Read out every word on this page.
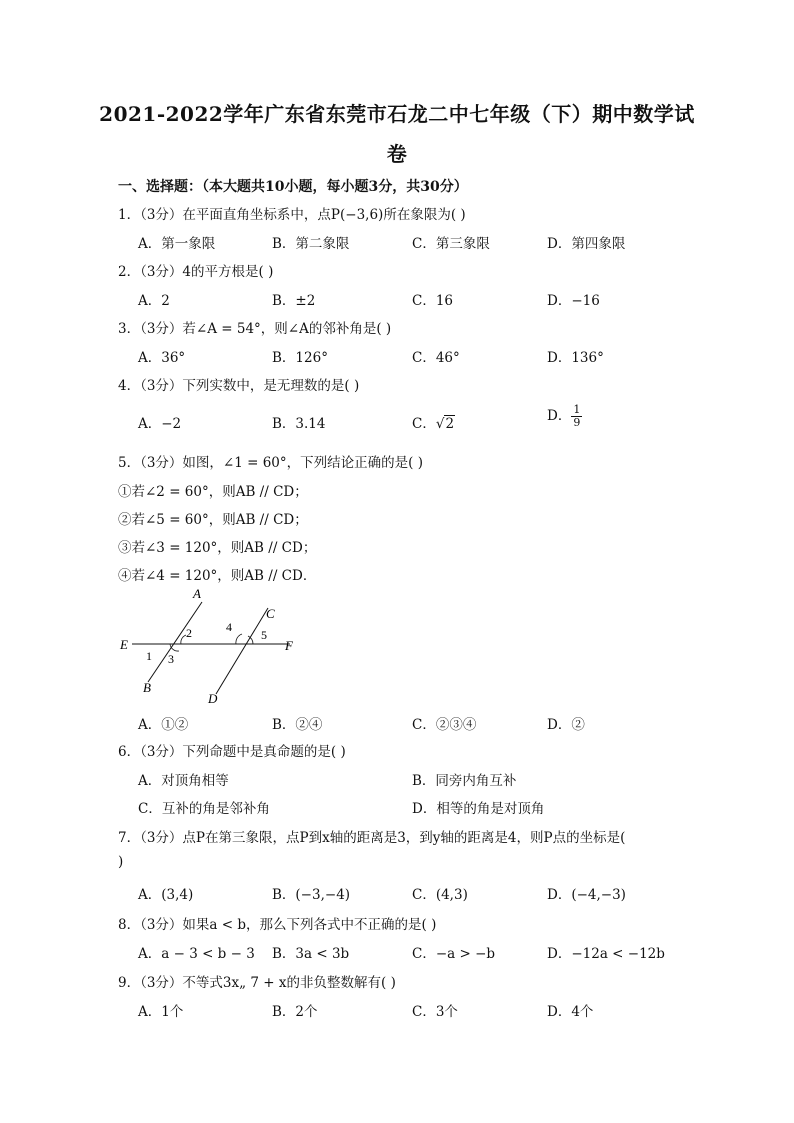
2021-2022学年广东省东莞市石龙二中七年级（下）期中数学试
卷
一、选择题：（本大题共10小题，每小题3分，共30分）
1．（3分）在平面直角坐标系中，点P(−3,6)所在象限为( )
A．第一象限	B．第二象限	C．第三象限	D．第四象限
2．（3分）4的平方根是( )
A．2	B．±2	C．16	D．−16
3．（3分）若∠A = 54°，则∠A的邻补角是( )
A．36°	B．126°	C．46°	D．136°
4．（3分）下列实数中，是无理数的是( )
A．−2	B．3.14	C．√2	D． $\frac{1}{9}$
5．（3分）如图，∠1 = 60°，下列结论正确的是( )
①若∠2 = 60°，则AB // CD；
②若∠5 = 60°，则AB // CD；
③若∠3 = 120°，则AB // CD；
④若∠4 = 120°，则AB // CD．
A
B
C
D
E	F
1
2
3
4
5
A．①②	B．②④	C．②③④	D．②
6．（3分）下列命题中是真命题的是( )
A．对顶角相等	B．同旁内角互补
C．互补的角是邻补角	D．相等的角是对顶角
7．（3分）点P在第三象限，点P到x轴的距离是3，到y轴的距离是4，则P点的坐标是(
)
A．(3,4)	B．(−3,−4)	C．(4,3)	D．(−4,−3)
8．（3分）如果a < b，那么下列各式中不正确的是( )
A．a − 3 < b − 3 B．3a < 3b	C．−a > −b	D．−12a < −12b
9．（3分）不等式3x„ 7 + x的非负整数解有( )
A．1个	B．2个	C．3个	D．4个
